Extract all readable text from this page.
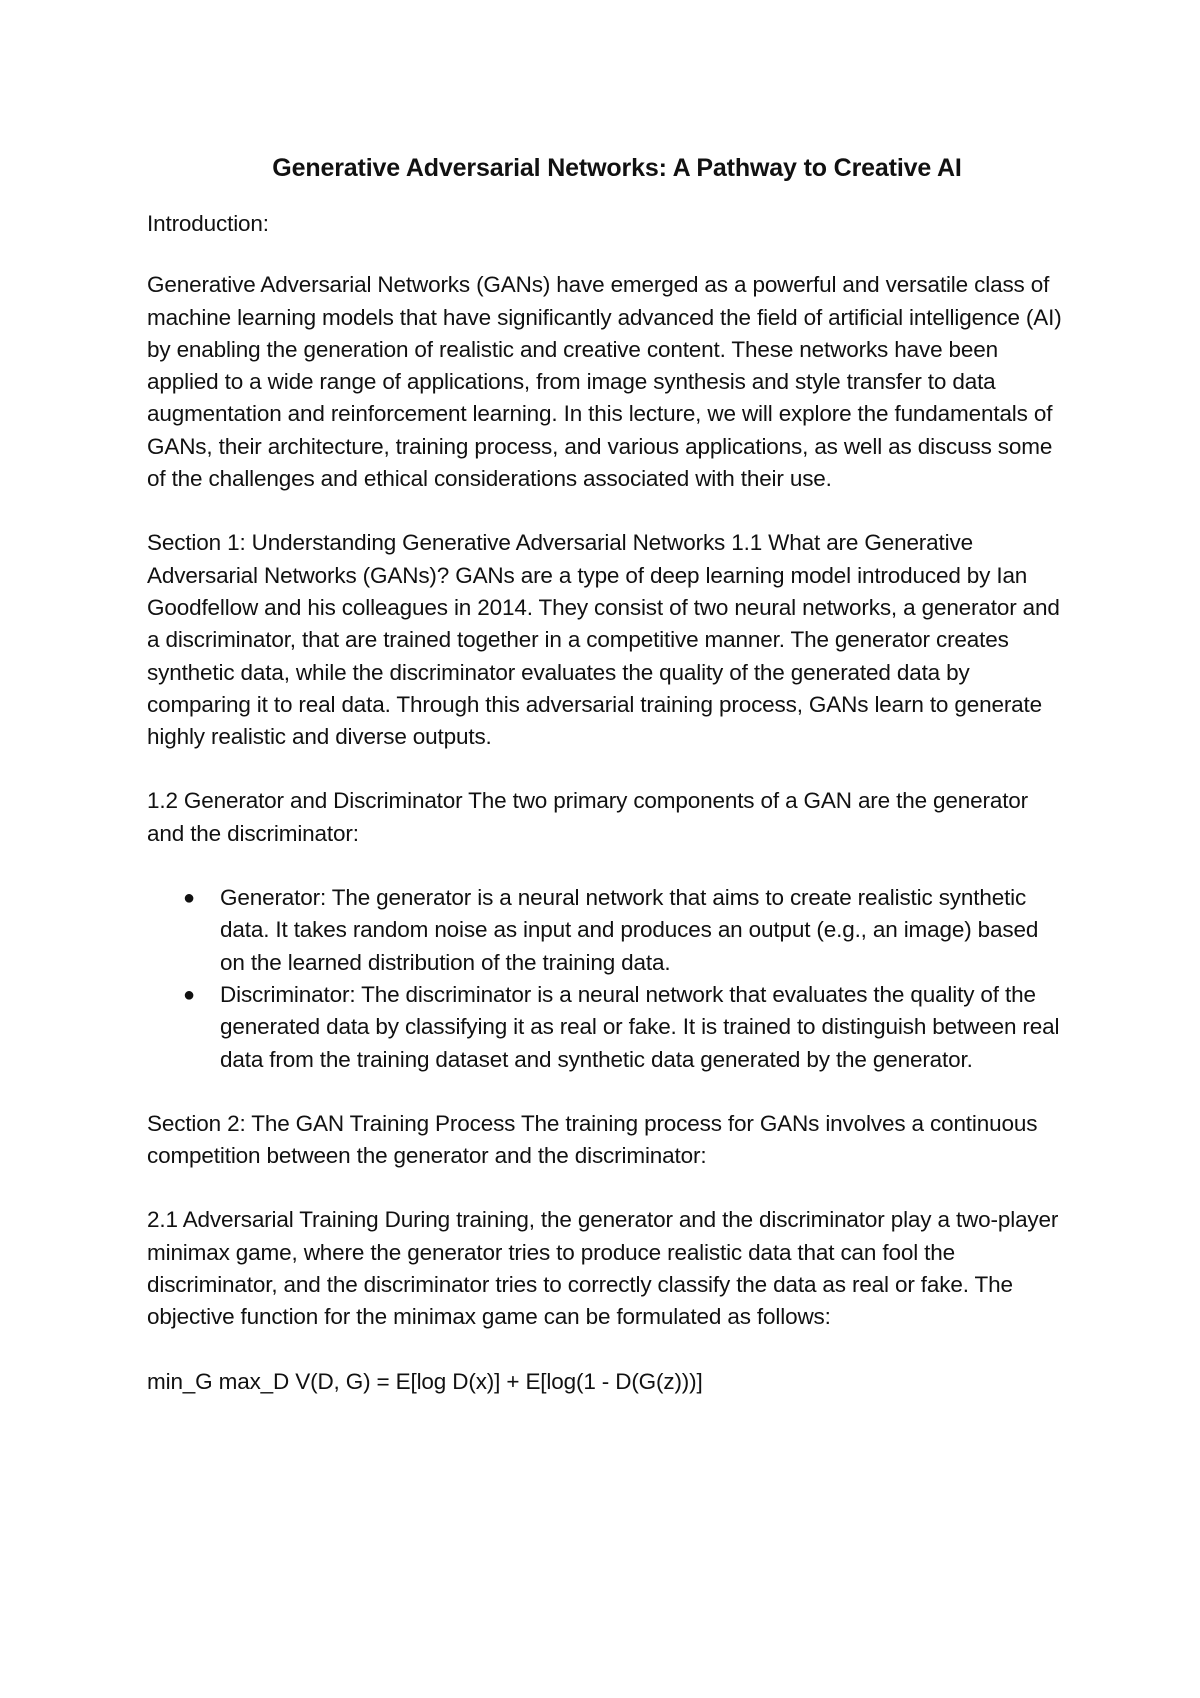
Generative Adversarial Networks: A Pathway to Creative AI

Introduction:

Generative Adversarial Networks (GANs) have emerged as a powerful and versatile class of machine learning models that have significantly advanced the field of artificial intelligence (AI) by enabling the generation of realistic and creative content. These networks have been applied to a wide range of applications, from image synthesis and style transfer to data augmentation and reinforcement learning. In this lecture, we will explore the fundamentals of GANs, their architecture, training process, and various applications, as well as discuss some of the challenges and ethical considerations associated with their use.

Section 1: Understanding Generative Adversarial Networks 1.1 What are Generative Adversarial Networks (GANs)? GANs are a type of deep learning model introduced by Ian Goodfellow and his colleagues in 2014. They consist of two neural networks, a generator and a discriminator, that are trained together in a competitive manner. The generator creates synthetic data, while the discriminator evaluates the quality of the generated data by comparing it to real data. Through this adversarial training process, GANs learn to generate highly realistic and diverse outputs.

1.2 Generator and Discriminator The two primary components of a GAN are the generator and the discriminator:

● Generator: The generator is a neural network that aims to create realistic synthetic data. It takes random noise as input and produces an output (e.g., an image) based on the learned distribution of the training data.
● Discriminator: The discriminator is a neural network that evaluates the quality of the generated data by classifying it as real or fake. It is trained to distinguish between real data from the training dataset and synthetic data generated by the generator.

Section 2: The GAN Training Process The training process for GANs involves a continuous competition between the generator and the discriminator:

2.1 Adversarial Training During training, the generator and the discriminator play a two-player minimax game, where the generator tries to produce realistic data that can fool the discriminator, and the discriminator tries to correctly classify the data as real or fake. The objective function for the minimax game can be formulated as follows:

min_G max_D V(D, G) = E[log D(x)] + E[log(1 - D(G(z)))]
